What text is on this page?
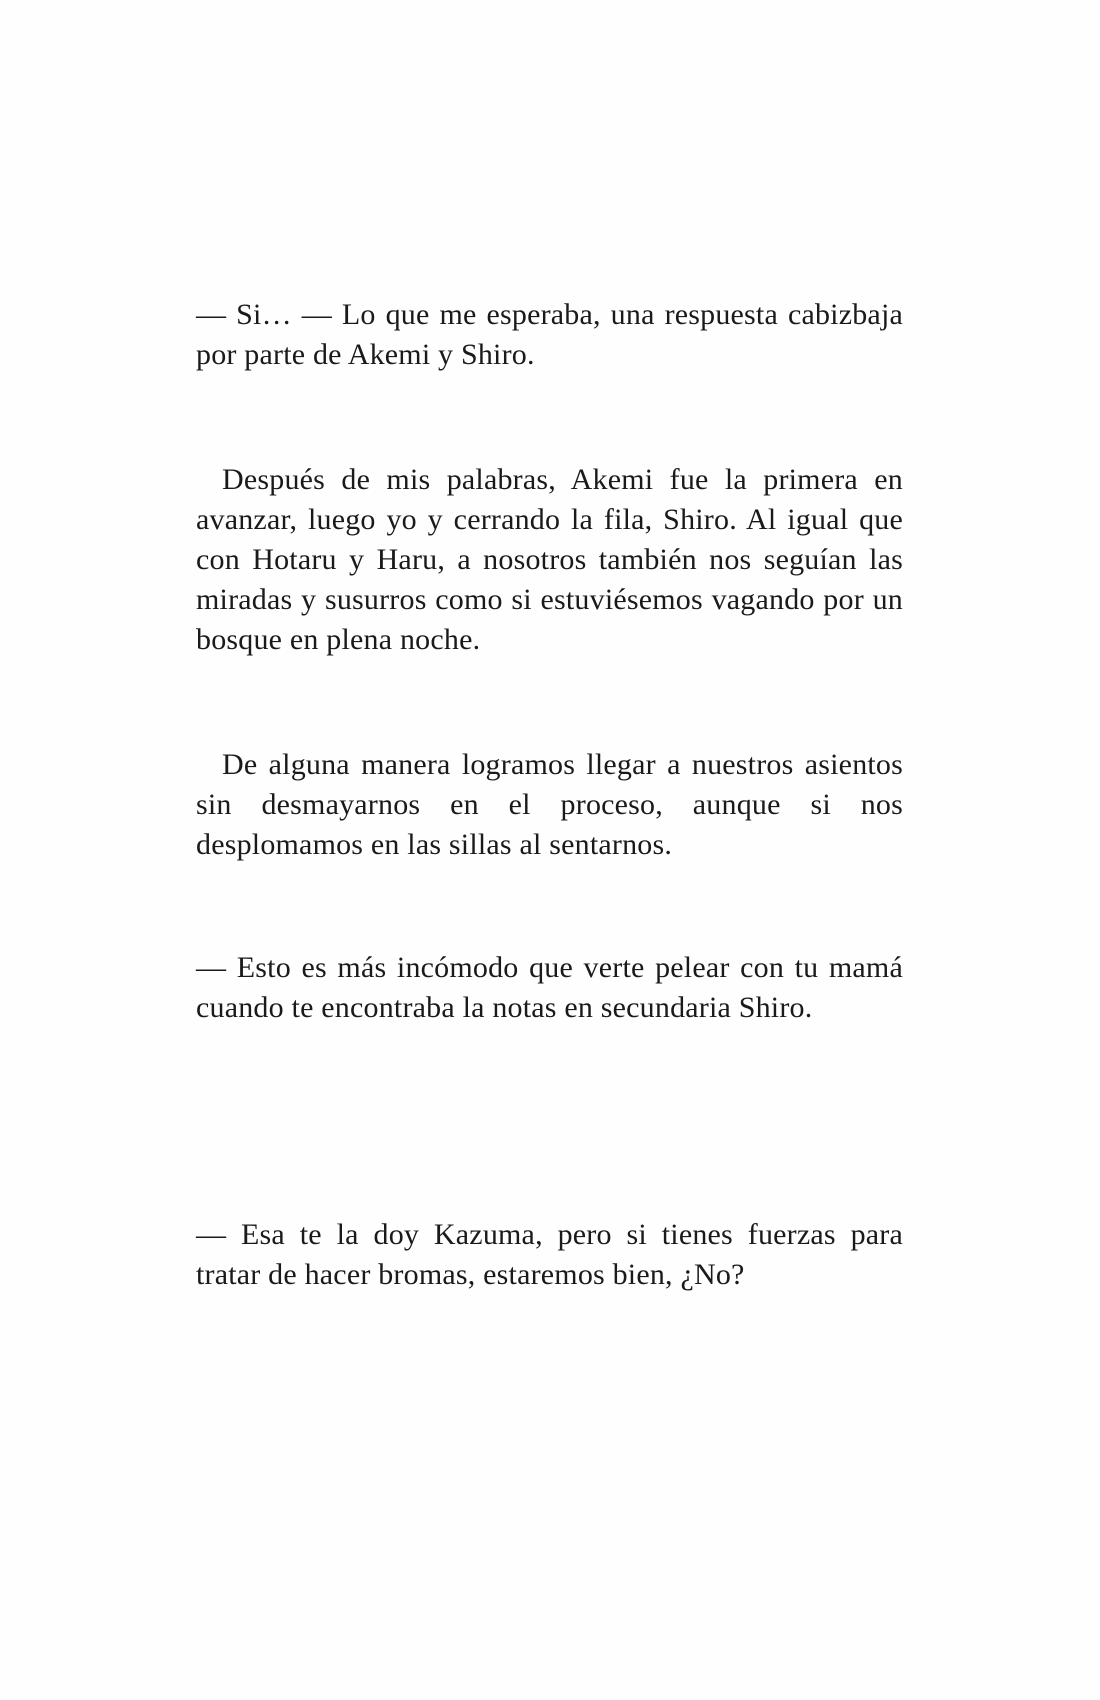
— Si… — Lo que me esperaba, una respuesta cabizbaja por parte de Akemi y Shiro.

Después de mis palabras, Akemi fue la primera en avanzar, luego yo y cerrando la fila, Shiro. Al igual que con Hotaru y Haru, a nosotros también nos seguían las miradas y susurros como si estuviésemos vagando por un bosque en plena noche.

De alguna manera logramos llegar a nuestros asientos sin desmayarnos en el proceso, aunque si nos desplomamos en las sillas al sentarnos.

— Esto es más incómodo que verte pelear con tu mamá cuando te encontraba la notas en secundaria Shiro.

— Esa te la doy Kazuma, pero si tienes fuerzas para tratar de hacer bromas, estaremos bien, ¿No?
